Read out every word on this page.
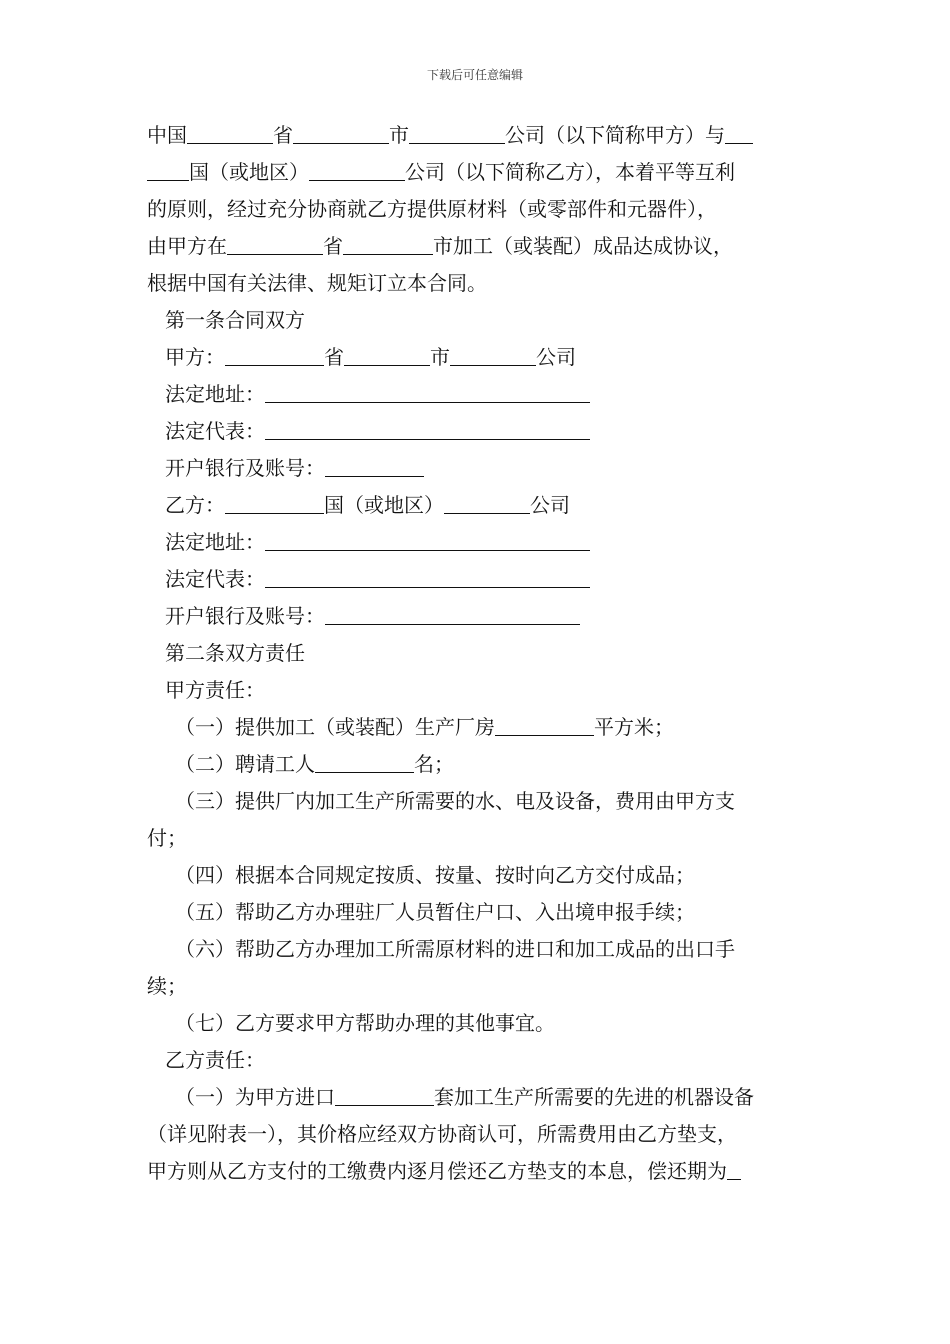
下载后可任意编辑
中国	省	市	公司（以下简称甲方）与
国（或地区）	公司（以下简称乙方），本着平等互利
的原则，经过充分协商就乙方提供原材料（或零部件和元器件），
由甲方在	省	市加工（或装配）成品达成协议，
根据中国有关法律、规矩订立本合同。
第一条合同双方
甲方：	省	市	公司
法定地址：
法定代表：
开户银行及账号：
乙方：	国（或地区）	公司
法定地址：
法定代表：
开户银行及账号：
第二条双方责任
甲方责任：
（一）提供加工（或装配）生产厂房	平方米；
（二）聘请工人	名；
（三）提供厂内加工生产所需要的水、电及设备，费用由甲方支
付；
（四）根据本合同规定按质、按量、按时向乙方交付成品；
（五）帮助乙方办理驻厂人员暂住户口、入出境申报手续；
（六）帮助乙方办理加工所需原材料的进口和加工成品的出口手
续；
（七）乙方要求甲方帮助办理的其他事宜。
乙方责任：
（一）为甲方进口	套加工生产所需要的先进的机器设备
（详见附表一），其价格应经双方协商认可，所需费用由乙方垫支，
甲方则从乙方支付的工缴费内逐月偿还乙方垫支的本息，偿还期为
